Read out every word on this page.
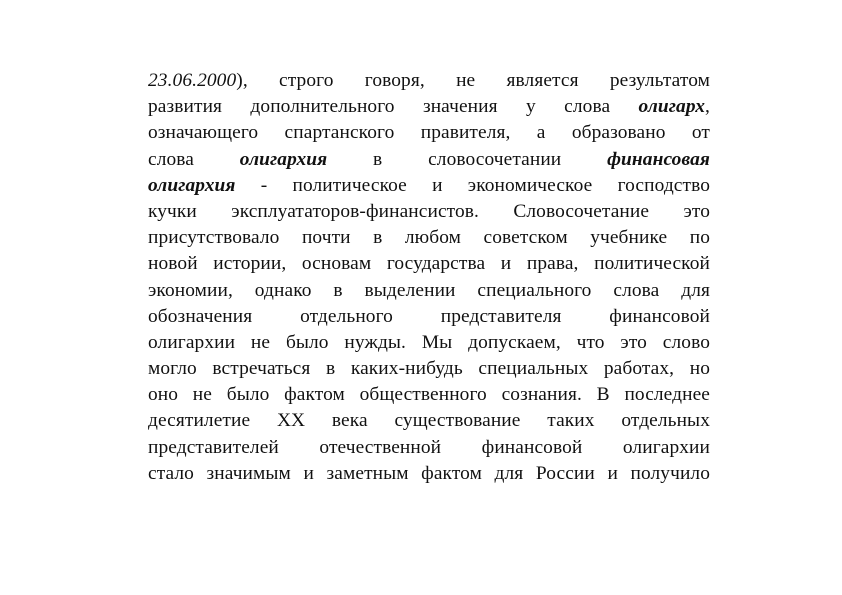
23.06.2000), строго говоря, не является результатом
развития дополнительного значения у слова олигарх,
означающего спартанского правителя, а образовано от
слова олигархия в словосочетании финансовая
олигархия - политическое и экономическое господство
кучки эксплуататоров-финансистов. Словосочетание это
присутствовало почти в любом советском учебнике по
новой истории, основам государства и права, политической
экономии, однако в выделении специального слова для
обозначения отдельного представителя финансовой
олигархии не было нужды. Мы допускаем, что это слово
могло встречаться в каких-нибудь специальных работах, но
оно не было фактом общественного сознания. В последнее
десятилетие XX века существование таких отдельных
представителей отечественной финансовой олигархии
стало значимым и заметным фактом для России и получило
